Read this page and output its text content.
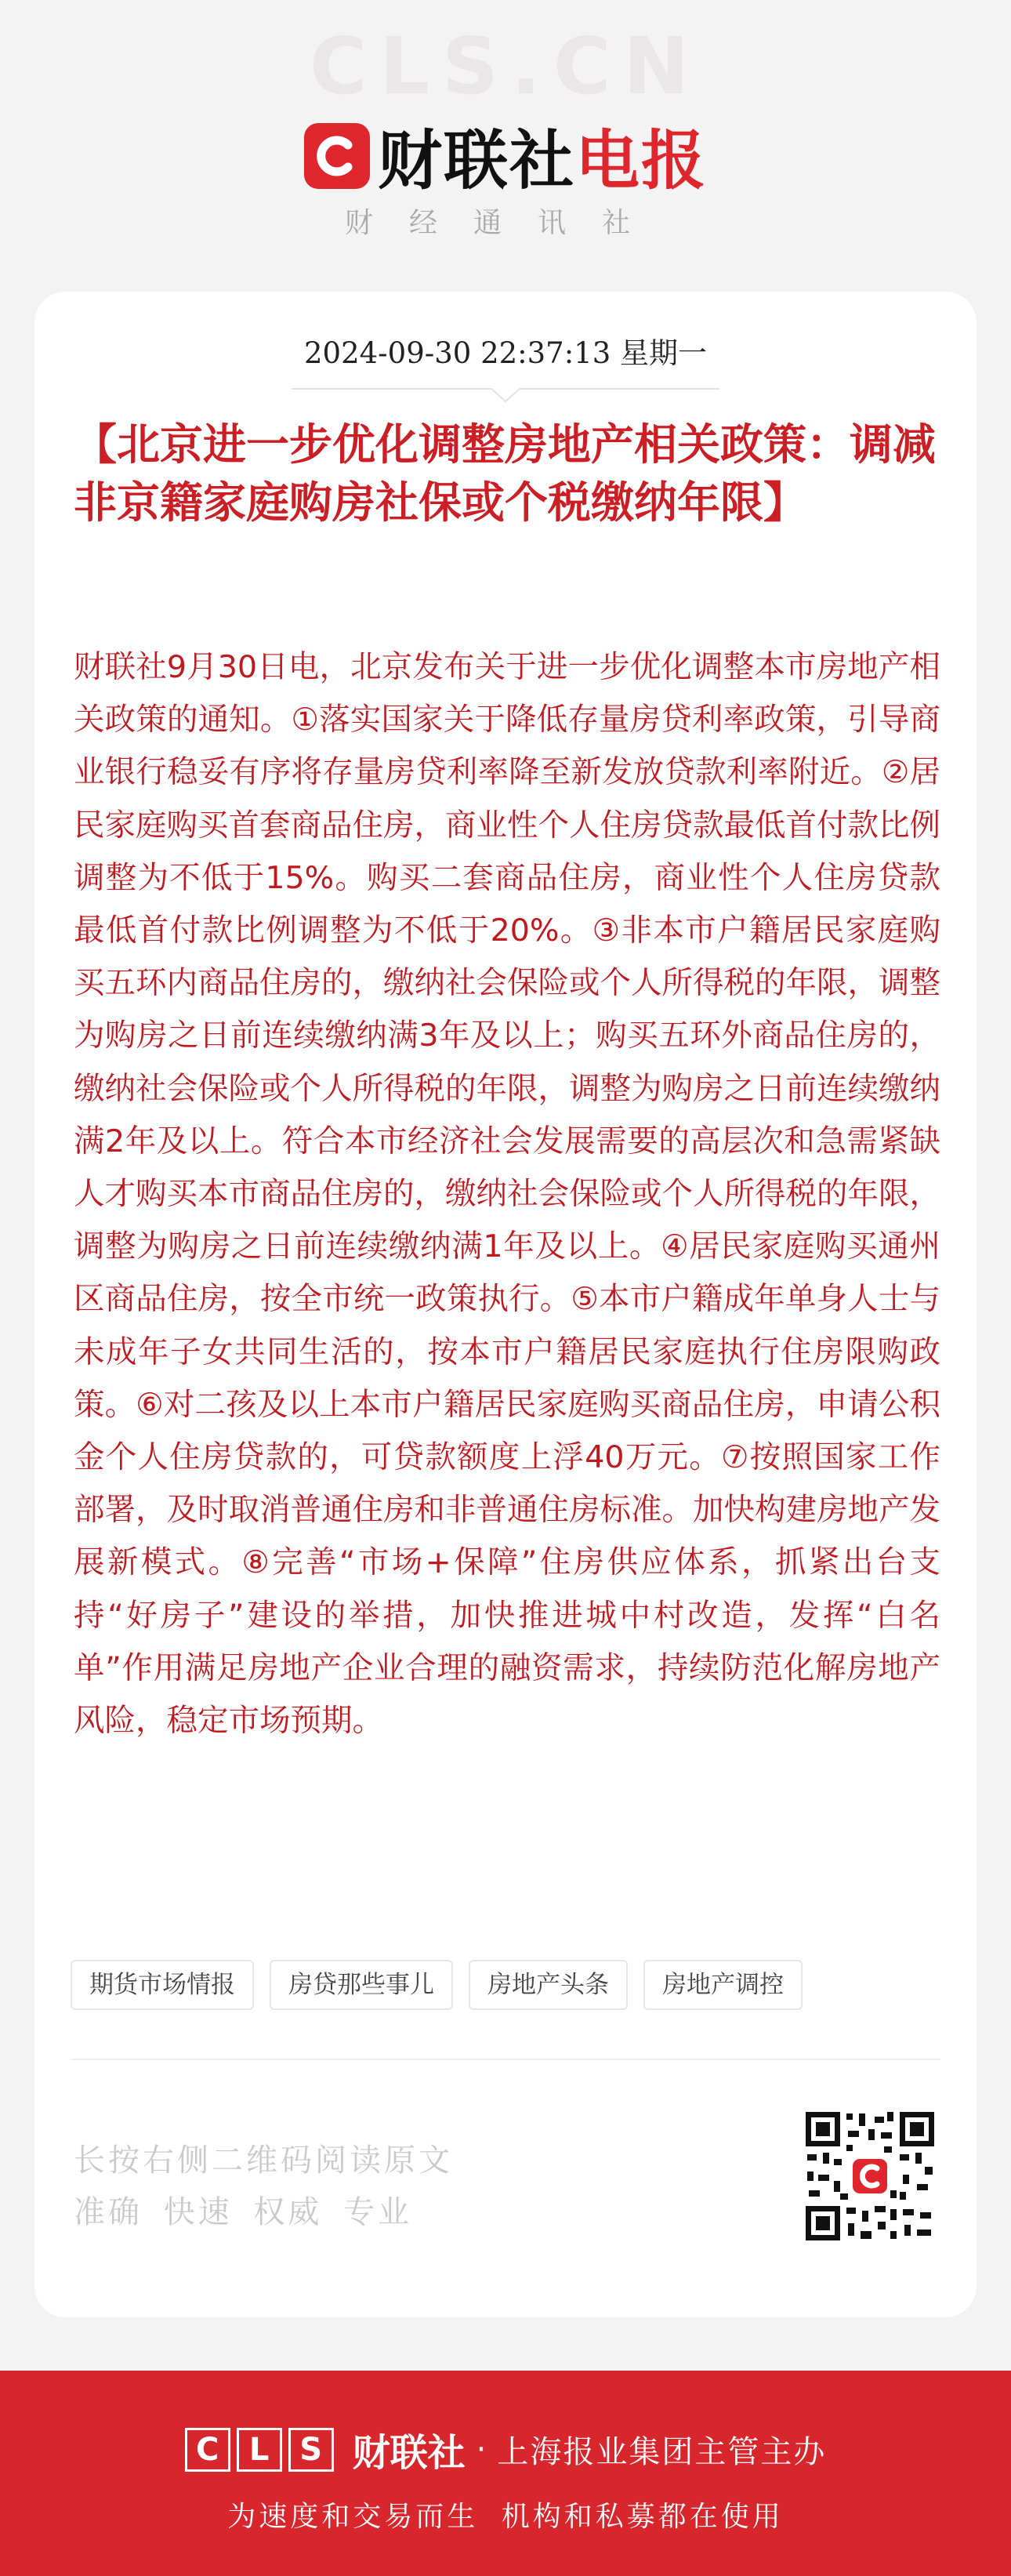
CLS.CN
财联社 电报
财经通讯社
2024-09-30 22:37:13 星期一
【北京进一步优化调整房地产相关政策：调减非京籍家庭购房社保或个税缴纳年限】
财联社9月30日电，北京发布关于进一步优化调整本市房地产相关政策的通知。①落实国家关于降低存量房贷利率政策，引导商业银行稳妥有序将存量房贷利率降至新发放贷款利率附近。②居民家庭购买首套商品住房，商业性个人住房贷款最低首付款比例调整为不低于15%。购买二套商品住房，商业性个人住房贷款最低首付款比例调整为不低于20%。③非本市户籍居民家庭购买五环内商品住房的，缴纳社会保险或个人所得税的年限，调整为购房之日前连续缴纳满3年及以上；购买五环外商品住房的，缴纳社会保险或个人所得税的年限，调整为购房之日前连续缴纳满2年及以上。符合本市经济社会发展需要的高层次和急需紧缺人才购买本市商品住房的，缴纳社会保险或个人所得税的年限，调整为购房之日前连续缴纳满1年及以上。④居民家庭购买通州区商品住房，按全市统一政策执行。⑤本市户籍成年单身人士与未成年子女共同生活的，按本市户籍居民家庭执行住房限购政策。⑥对二孩及以上本市户籍居民家庭购买商品住房，申请公积金个人住房贷款的，可贷款额度上浮40万元。⑦按照国家工作部署，及时取消普通住房和非普通住房标准。加快构建房地产发展新模式。⑧完善“市场+保障”住房供应体系，抓紧出台支持“好房子”建设的举措，加快推进城中村改造，发挥“白名单”作用满足房地产企业合理的融资需求，持续防范化解房地产风险，稳定市场预期。
期货市场情报	房贷那些事儿	房地产头条	房地产调控
长按右侧二维码阅读原文
准确 快速 权威 专业
C L S 财联社 · 上海报业集团主管主办
为速度和交易而生 机构和私募都在使用
